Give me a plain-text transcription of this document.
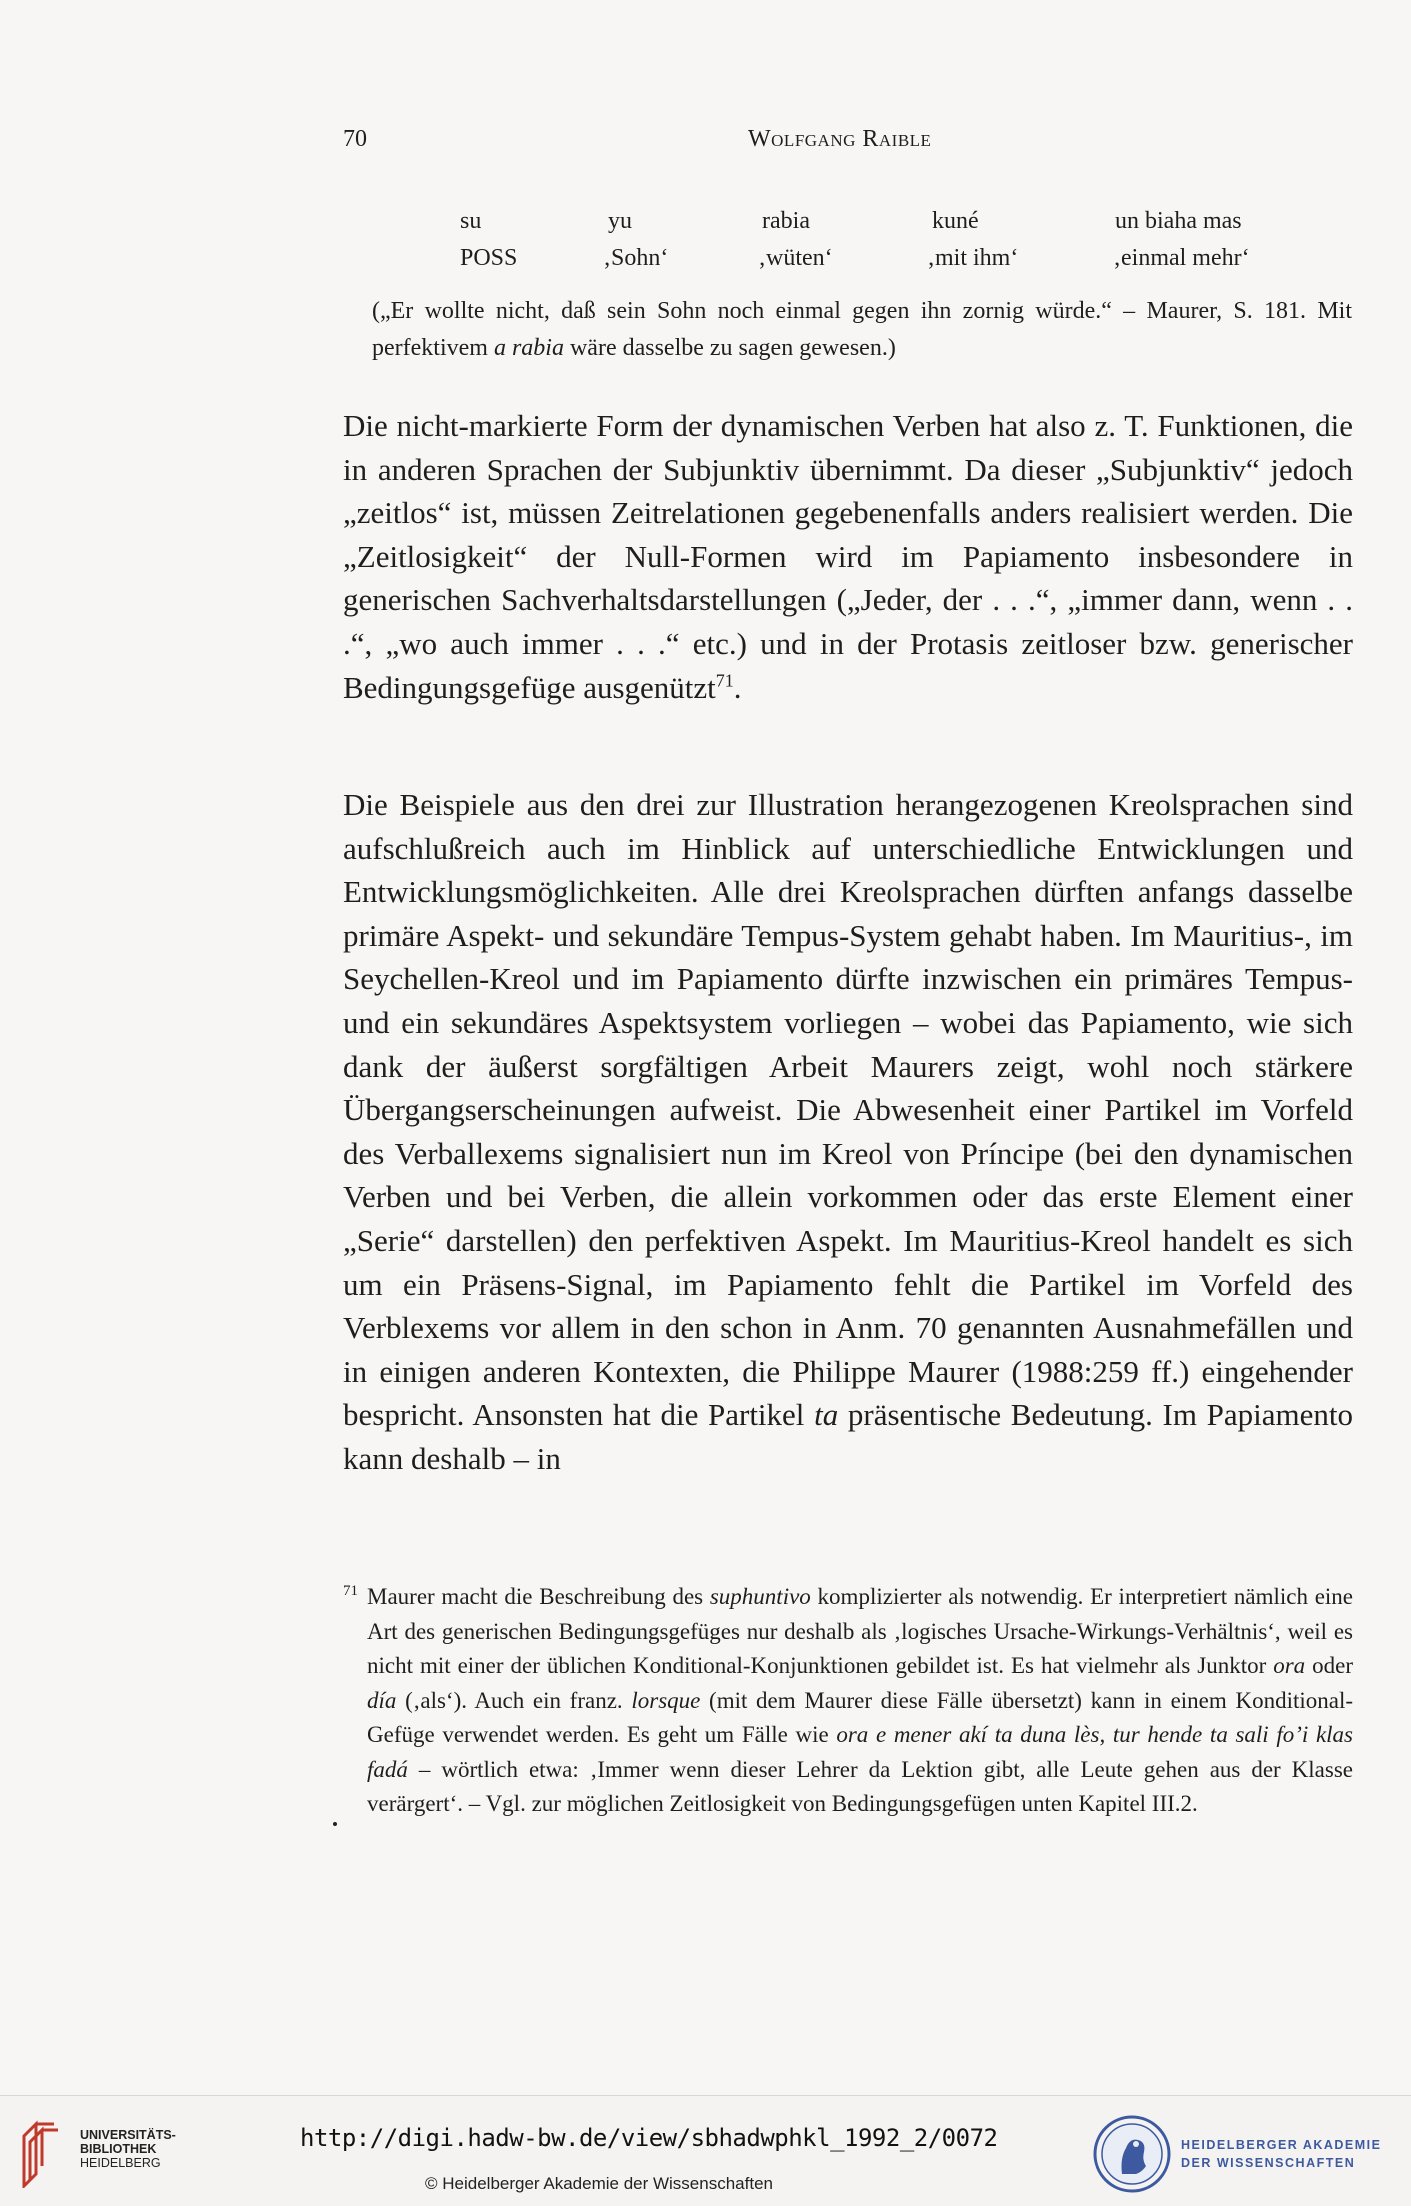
70	Wolfgang Raible
su	yu	rabia	kuné	un biaha mas
POSS	‚Sohn‘	‚wüten‘	‚mit ihm‘	‚einmal mehr‘
(„Er wollte nicht, daß sein Sohn noch einmal gegen ihn zornig würde.“ – Maurer, S. 181. Mit perfektivem a rabia wäre dasselbe zu sagen gewesen.)

Die nicht-markierte Form der dynamischen Verben hat also z. T. Funktionen, die in anderen Sprachen der Subjunktiv übernimmt. Da dieser „Subjunktiv“ jedoch „zeitlos“ ist, müssen Zeitrelationen gegebenenfalls anders realisiert werden. Die „Zeitlosigkeit“ der Null-Formen wird im Papiamento insbesondere in generischen Sachverhaltsdarstellungen („Jeder, der . . .“, „immer dann, wenn . . .“, „wo auch immer . . .“ etc.) und in der Protasis zeitloser bzw. generischer Bedingungsgefüge ausgenützt$^{71}$.

Die Beispiele aus den drei zur Illustration herangezogenen Kreolsprachen sind aufschlußreich auch im Hinblick auf unterschiedliche Entwicklungen und Entwicklungsmöglichkeiten. Alle drei Kreolsprachen dürften anfangs dasselbe primäre Aspekt- und sekundäre Tempus-System gehabt haben. Im Mauritius-, im Seychellen-Kreol und im Papiamento dürfte inzwischen ein primäres Tempus- und ein sekundäres Aspektsystem vorliegen – wobei das Papiamento, wie sich dank der äußerst sorgfältigen Arbeit Maurers zeigt, wohl noch stärkere Übergangserscheinungen aufweist. Die Abwesenheit einer Partikel im Vorfeld des Verballexems signalisiert nun im Kreol von Príncipe (bei den dynamischen Verben und bei Verben, die allein vorkommen oder das erste Element einer „Serie“ darstellen) den perfektiven Aspekt. Im Mauritius-Kreol handelt es sich um ein Präsens-Signal, im Papiamento fehlt die Partikel im Vorfeld des Verblexems vor allem in den schon in Anm. 70 genannten Ausnahmefällen und in einigen anderen Kontexten, die Philippe Maurer (1988:259 ff.) eingehender bespricht. Ansonsten hat die Partikel ta präsentische Bedeutung. Im Papiamento kann deshalb – in

71 Maurer macht die Beschreibung des suphuntivo komplizierter als notwendig. Er interpretiert nämlich eine Art des generischen Bedingungsgefüges nur deshalb als ‚logisches Ursache-Wirkungs-Verhältnis‘, weil es nicht mit einer der üblichen Konditional-Konjunktionen gebildet ist. Es hat vielmehr als Junktor ora oder día (‚als‘). Auch ein franz. lorsque (mit dem Maurer diese Fälle übersetzt) kann in einem Konditional-Gefüge verwendet werden. Es geht um Fälle wie ora e mener akí ta duna lès, tur hende ta sali fo’i klas fadá – wörtlich etwa: ‚Immer wenn dieser Lehrer da Lektion gibt, alle Leute gehen aus der Klasse verärgert‘. – Vgl. zur möglichen Zeitlosigkeit von Bedingungsgefügen unten Kapitel III.2.
UNIVERSITÄTS-
BIBLIOTHEK
HEIDELBERG
http://digi.hadw-bw.de/view/sbhadwphkl_1992_2/0072
© Heidelberger Akademie der Wissenschaften
HEIDELBERGER AKADEMIE
DER WISSENSCHAFTEN
